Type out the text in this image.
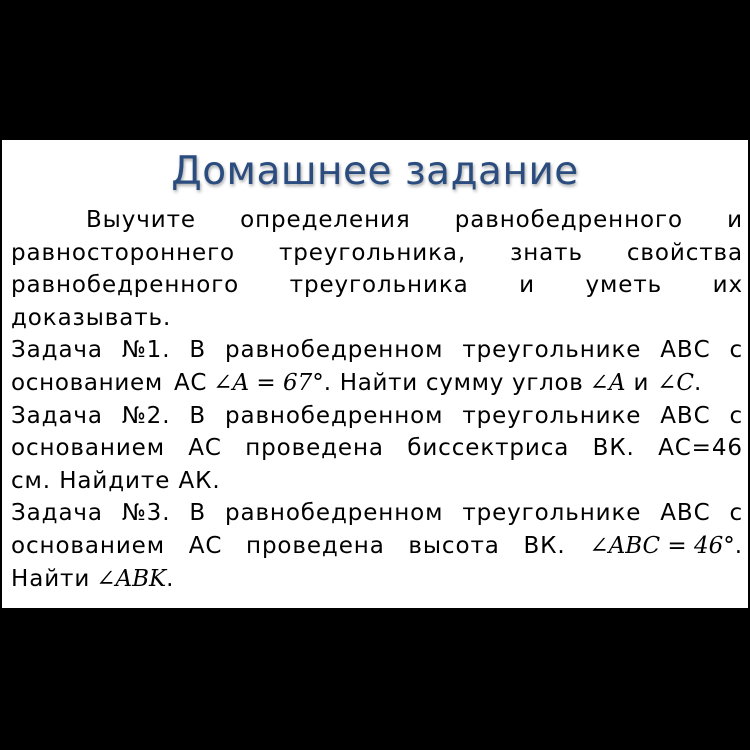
Домашнее задание
Выучите определения равнобедренного и
равностороннего треугольника, знать свойства
равнобедренного треугольника и уметь их
доказывать.
Задача №1. В равнобедренном треугольнике АВС с
основанием АС ∠A = 67° . Найти сумму углов ∠A и ∠C .
Задача №2. В равнобедренном треугольнике АВС с
основанием АС проведена биссектриса ВК. АС=46
см. Найдите АК.
Задача №3. В равнобедренном треугольнике АВС с
основанием АС проведена высота ВК. ∠ABC = 46°.
Найти ∠ABK .
